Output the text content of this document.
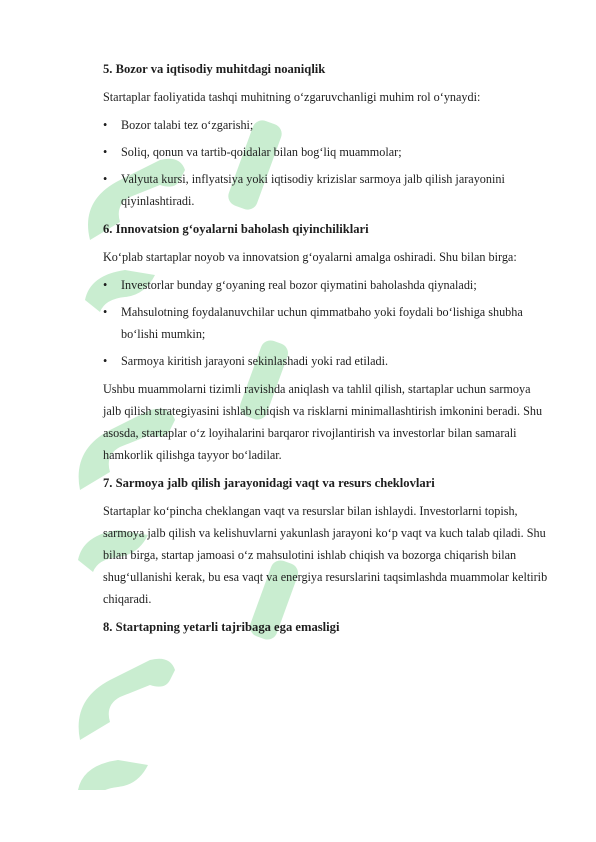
5. Bozor va iqtisodiy muhitdagi noaniqlik

Startaplar faoliyatida tashqi muhitning o‘zgaruvchanligi muhim rol o‘ynaydi:

• Bozor talabi tez o‘zgarishi;
• Soliq, qonun va tartib-qoidalar bilan bog‘liq muammolar;
• Valyuta kursi, inflyatsiya yoki iqtisodiy krizislar sarmoya jalb qilish jarayonini qiyinlashtiradi.
6. Innovatsion g‘oyalarni baholash qiyinchiliklari

Ko‘plab startaplar noyob va innovatsion g‘oyalarni amalga oshiradi. Shu bilan birga:

• Investorlar bunday g‘oyaning real bozor qiymatini baholashda qiynaladi;
• Mahsulotning foydalanuvchilar uchun qimmatbaho yoki foydali bo‘lishiga shubha bo‘lishi mumkin;
• Sarmoya kiritish jarayoni sekinlashadi yoki rad etiladi.

Ushbu muammolarni tizimli ravishda aniqlash va tahlil qilish, startaplar uchun sarmoya jalb qilish strategiyasini ishlab chiqish va risklarni minimallashtirish imkonini beradi. Shu asosda, startaplar o‘z loyihalarini barqaror rivojlantirish va investorlar bilan samarali hamkorlik qilishga tayyor bo‘ladilar.

7. Sarmoya jalb qilish jarayonidagi vaqt va resurs cheklovlari

Startaplar ko‘pincha cheklangan vaqt va resurslar bilan ishlaydi. Investorlarni topish, sarmoya jalb qilish va kelishuvlarni yakunlash jarayoni ko‘p vaqt va kuch talab qiladi. Shu bilan birga, startap jamoasi o‘z mahsulotini ishlab chiqish va bozorga chiqarish bilan shug‘ullanishi kerak, bu esa vaqt va energiya resurslarini taqsimlashda muammolar keltirib chiqaradi.

8. Startapning yetarli tajribaga ega emasligi
